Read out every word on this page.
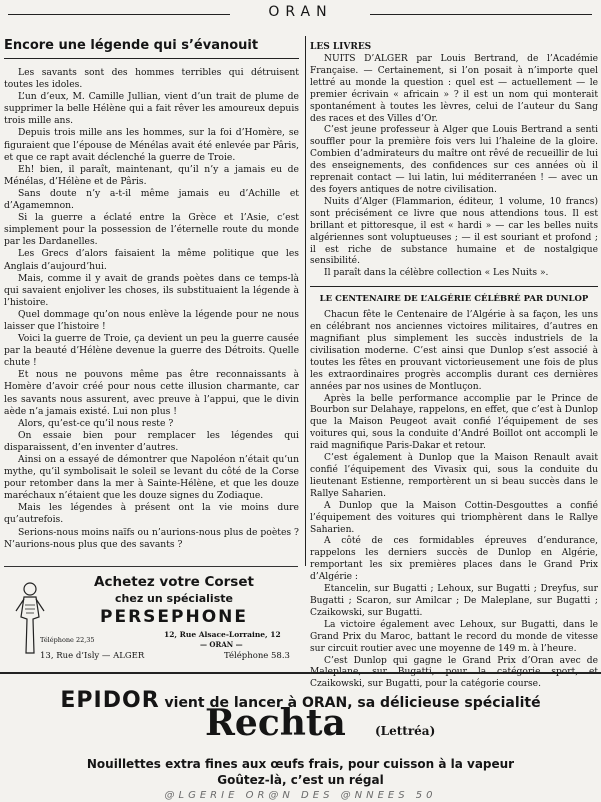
ORAN
Encore une légende qui s’évanouit

Les savants sont des hommes terribles qui détruisent toutes les idoles.

L’un d’eux, M. Camille Jullian, vient d’un trait de plume de supprimer la belle Hélène qui a fait rêver les amoureux depuis trois mille ans.

Depuis trois mille ans les hommes, sur la foi d’Homère, se figuraient que l’épouse de Ménélas avait été enlevée par Pâris, et que ce rapt avait déclenché la guerre de Troie.

Eh! bien, il paraît, maintenant, qu’il n’y a jamais eu de Ménélas, d’Hélène et de Pâris.

Sans doute n’y a-t-il même jamais eu d’Achille et d’Agamemnon.

Si la guerre a éclaté entre la Grèce et l’Asie, c’est simplement pour la possession de l’éternelle route du monde par les Dardanelles.

Les Grecs d’alors faisaient la même politique que les Anglais d’aujourd’hui.

Mais, comme il y avait de grands poètes dans ce temps-là qui savaient enjoliver les choses, ils substituaient la légende à l’histoire.

Quel dommage qu’on nous enlève la légende pour ne nous laisser que l’histoire !

Voici la guerre de Troie, ça devient un peu la guerre causée par la beauté d’Hélène devenue la guerre des Détroits. Quelle chute !

Et nous ne pouvons même pas être reconnaissants à Homère d’avoir créé pour nous cette illusion charmante, car les savants nous assurent, avec preuve à l’appui, que le divin aède n’a jamais existé. Lui non plus !

Alors, qu’est-ce qu’il nous reste ?

On essaie bien pour remplacer les légendes qui disparaissent, d’en inventer d’autres.

Ainsi on a essayé de démontrer que Napoléon n’était qu’un mythe, qu’il symbolisait le soleil se levant du côté de la Corse pour retomber dans la mer à Sainte-Hélène, et que les douze maréchaux n’étaient que les douze signes du Zodiaque.

Mais les légendes à présent ont la vie moins dure qu’autrefois.

Serions-nous moins naïfs ou n’aurions-nous plus de poètes ? N’aurions-nous plus que des savants ?

LES LIVRES

NUITS D’ALGER par Louis Bertrand, de l’Académie Française. — Certainement, si l’on posait à n’importe quel lettré au monde la question : quel est — actuellement — le premier écrivain « africain » ? il est un nom qui monterait spontanément à toutes les lèvres, celui de l’auteur du Sang des races et des Villes d’Or.

C’est jeune professeur à Alger que Louis Bertrand a senti souffler pour la première fois vers lui l’haleine de la gloire. Combien d’admirateurs du maître ont rêvé de recueillir de lui des enseignements, des confidences sur ces années où il reprenait contact — lui latin, lui méditerranéen ! — avec un des foyers antiques de notre civilisation.

Nuits d’Alger (Flammarion, éditeur, 1 volume, 10 francs) sont précisément ce livre que nous attendions tous. Il est brillant et pittoresque, il est « hardi » — car les belles nuits algériennes sont voluptueuses ; — il est souriant et profond ; il est riche de substance humaine et de nostalgique sensibilité.

Il paraît dans la célèbre collection « Les Nuits ».

LE CENTENAIRE DE L’ALGÉRIE CÉLÉBRÉ PAR DUNLOP

Chacun fête le Centenaire de l’Algérie à sa façon, les uns en célébrant nos anciennes victoires militaires, d’autres en magnifiant plus simplement les succès industriels de la civilisation moderne. C’est ainsi que Dunlop s’est associé à toutes les fêtes en prouvant victorieusement une fois de plus les extraordinaires progrès accomplis durant ces dernières années par nos usines de Montluçon.

Après la belle performance accomplie par le Prince de Bourbon sur Delahaye, rappelons, en effet, que c’est à Dunlop que la Maison Peugeot avait confié l’équipement de ses voitures qui, sous la conduite d’André Boillot ont accompli le raid magnifique Paris-Dakar et retour.

C’est également à Dunlop que la Maison Renault avait confié l’équipement des Vivasix qui, sous la conduite du lieutenant Estienne, remportèrent un si beau succès dans le Rallye Saharien.

A Dunlop que la Maison Cottin-Desgouttes a confié l’équipement des voitures qui triomphèrent dans le Rallye Saharien.

A côté de ces formidables épreuves d’endurance, rappelons les derniers succès de Dunlop en Algérie, remportant les six premières places dans le Grand Prix d’Algérie :

Etancelin, sur Bugatti ; Lehoux, sur Bugatti ; Dreyfus, sur Bugatti ; Scaron, sur Amilcar ; De Maleplane, sur Bugatti ; Czaikowski, sur Bugatti.

La victoire également avec Lehoux, sur Bugatti, dans le Grand Prix du Maroc, battant le record du monde de vitesse sur circuit routier avec une moyenne de 149 m. à l’heure.

C’est Dunlop qui gagne le Grand Prix d’Oran avec de Maleplane, sur Bugatti, pour la catégorie sport, et Czaikowski, sur Bugatti, pour la catégorie course.

Achetez votre Corset
chez un spécialiste
PERSEPHONE
12, Rue Alsace-Lorraine, 12
Téléphone 22,35	— ORAN —
13, Rue d’Isly — ALGER	Téléphone 58.3
EPIDOR vient de lancer à ORAN, sa délicieuse spécialité
Rechta (Lettréa)
Nouillettes extra fines aux œufs frais, pour cuisson à la vapeur
Goûtez-là, c’est un régal
@LGERIE OR@N DES @NNEES 50
